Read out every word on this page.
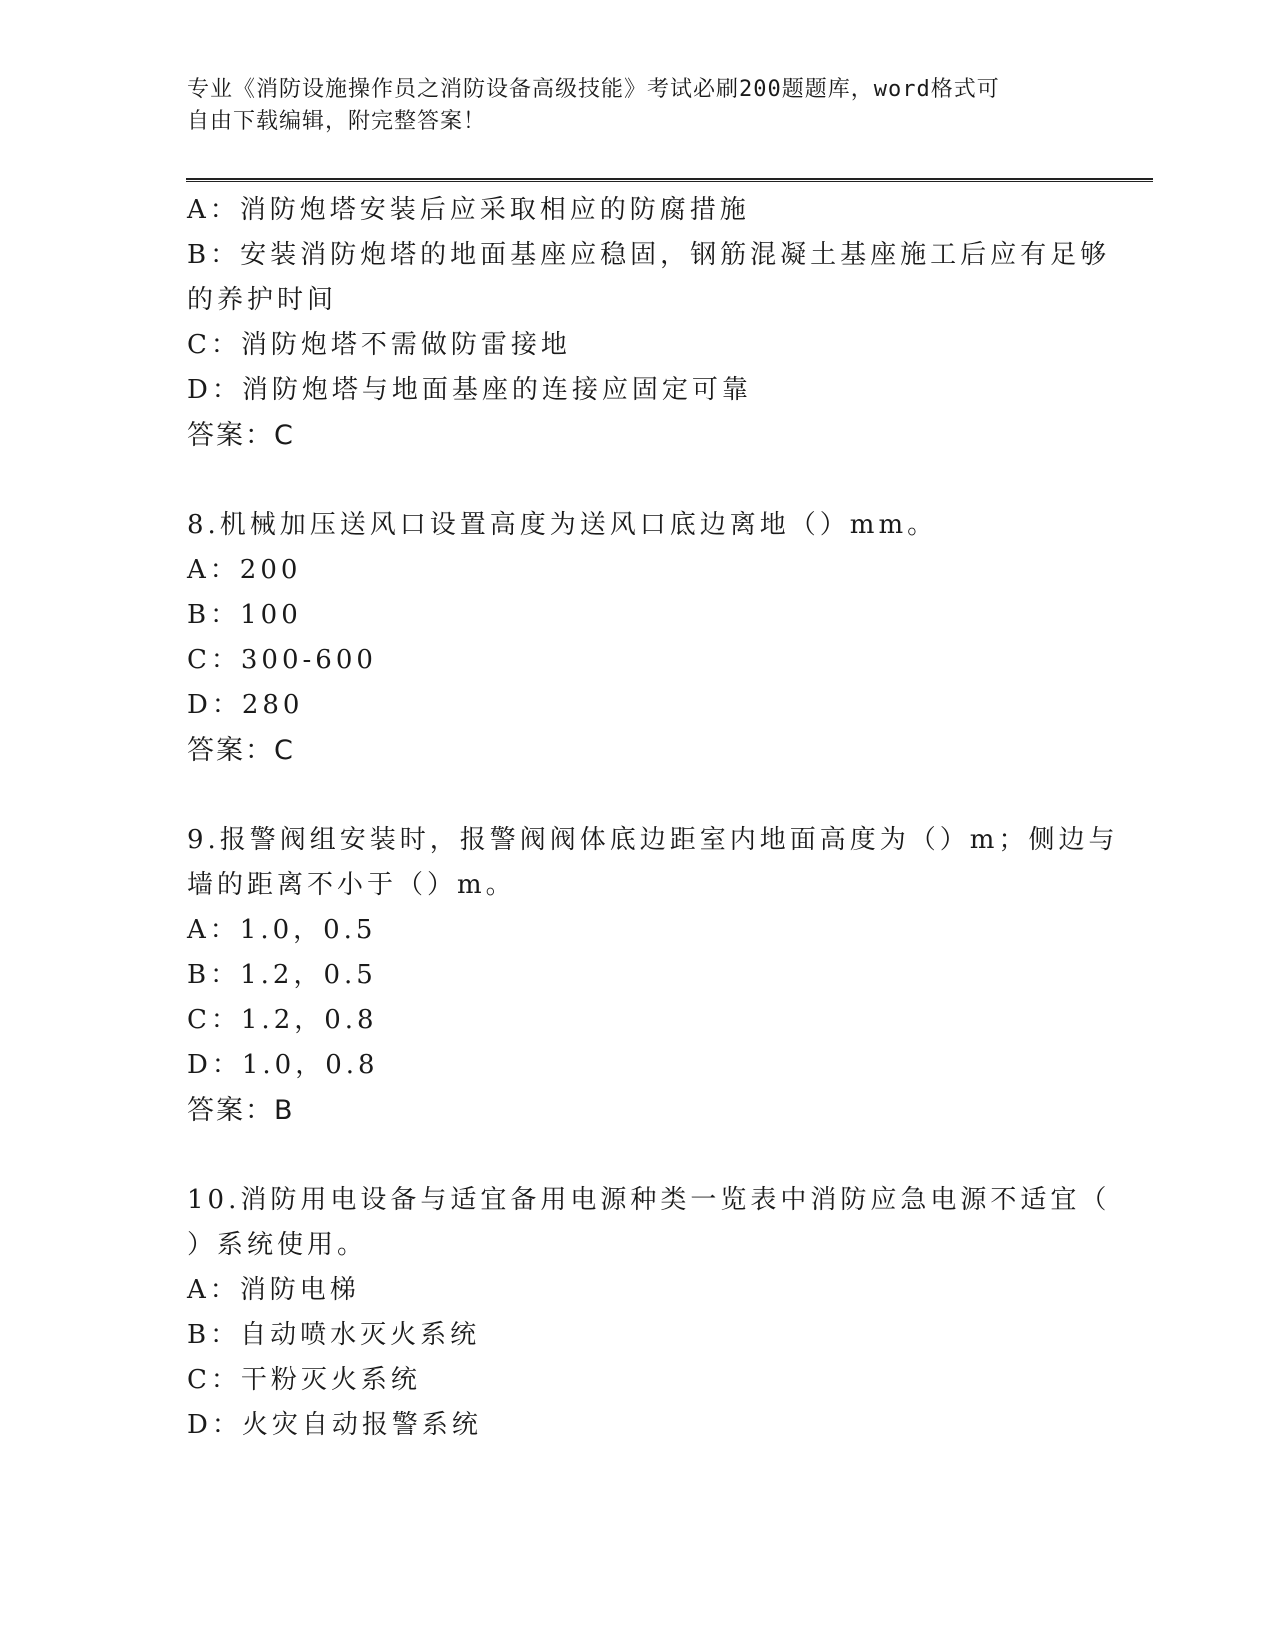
专业《消防设施操作员之消防设备高级技能》考试必刷200题题库，word格式可
自由下载编辑，附完整答案！
A：消防炮塔安装后应采取相应的防腐措施
B：安装消防炮塔的地面基座应稳固，钢筋混凝土基座施工后应有足够
的养护时间
C：消防炮塔不需做防雷接地
D：消防炮塔与地面基座的连接应固定可靠
答案：C
8.机械加压送风口设置高度为送风口底边离地（）mm。
A：200
B：100
C：300-600
D：280
答案：C
9.报警阀组安装时，报警阀阀体底边距室内地面高度为（）m；侧边与
墙的距离不小于（）m。
A：1.0，0.5
B：1.2，0.5
C：1.2，0.8
D：1.0，0.8
答案：B
10.消防用电设备与适宜备用电源种类一览表中消防应急电源不适宜（
）系统使用。
A：消防电梯
B：自动喷水灭火系统
C：干粉灭火系统
D：火灾自动报警系统
